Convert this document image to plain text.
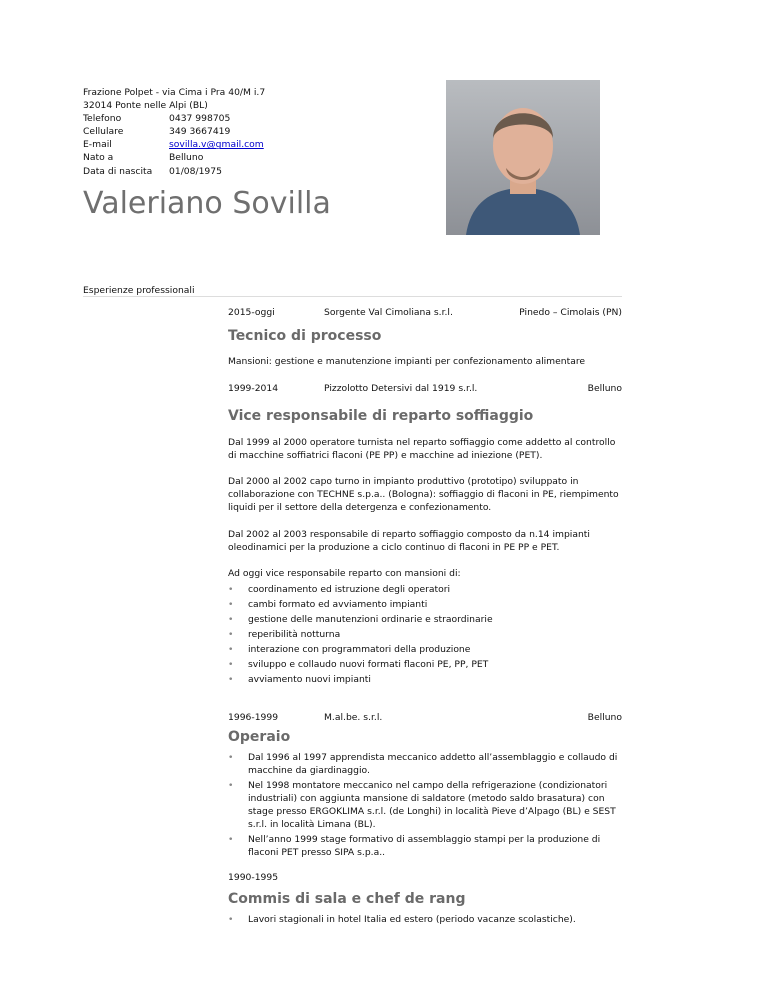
Frazione Polpet - via Cima i Pra 40/M i.7
32014 Ponte nelle Alpi (BL)
Telefono	0437 998705
Cellulare	349 3667419
E-mail	sovilla.v@gmail.com
Nato a	Belluno
Data di nascita	01/08/1975
Valeriano Sovilla
Esperienze professionali
2015-oggi	Sorgente Val Cimoliana s.r.l.	Pinedo – Cimolais (PN)
Tecnico di processo

Mansioni: gestione e manutenzione impianti per confezionamento alimentare

1999-2014	Pizzolotto Detersivi dal 1919 s.r.l.	Belluno
Vice responsabile di reparto soffiaggio

Dal 1999 al 2000 operatore turnista nel reparto soffiaggio come addetto al controllo di macchine soffiatrici flaconi (PE PP) e macchine ad iniezione (PET).

Dal 2000 al 2002 capo turno in impianto produttivo (prototipo) sviluppato in collaborazione con TECHNE s.p.a.. (Bologna): soffiaggio di flaconi in PE, riempimento liquidi per il settore della detergenza e confezionamento.

Dal 2002 al 2003 responsabile di reparto soffiaggio composto da n.14 impianti oleodinamici per la produzione a ciclo continuo di flaconi in PE PP e PET.

Ad oggi vice responsabile reparto con mansioni di:
• coordinamento ed istruzione degli operatori
• cambi formato ed avviamento impianti
• gestione delle manutenzioni ordinarie e straordinarie
• reperibilità notturna
• interazione con programmatori della produzione
• sviluppo e collaudo nuovi formati flaconi PE, PP, PET
• avviamento nuovi impianti
1996-1999	M.al.be. s.r.l.	Belluno
Operaio
• Dal 1996 al 1997 apprendista meccanico addetto all’assemblaggio e collaudo di macchine da giardinaggio.
• Nel 1998 montatore meccanico nel campo della refrigerazione (condizionatori industriali) con aggiunta mansione di saldatore (metodo saldo brasatura) con stage presso ERGOKLIMA s.r.l. (de Longhi) in località Pieve d’Alpago (BL) e SEST s.r.l. in località Limana (BL).
• Nell’anno 1999 stage formativo di assemblaggio stampi per la produzione di flaconi PET presso SIPA s.p.a..
1990-1995
Commis di sala e chef de rang
• Lavori stagionali in hotel Italia ed estero (periodo vacanze scolastiche).
